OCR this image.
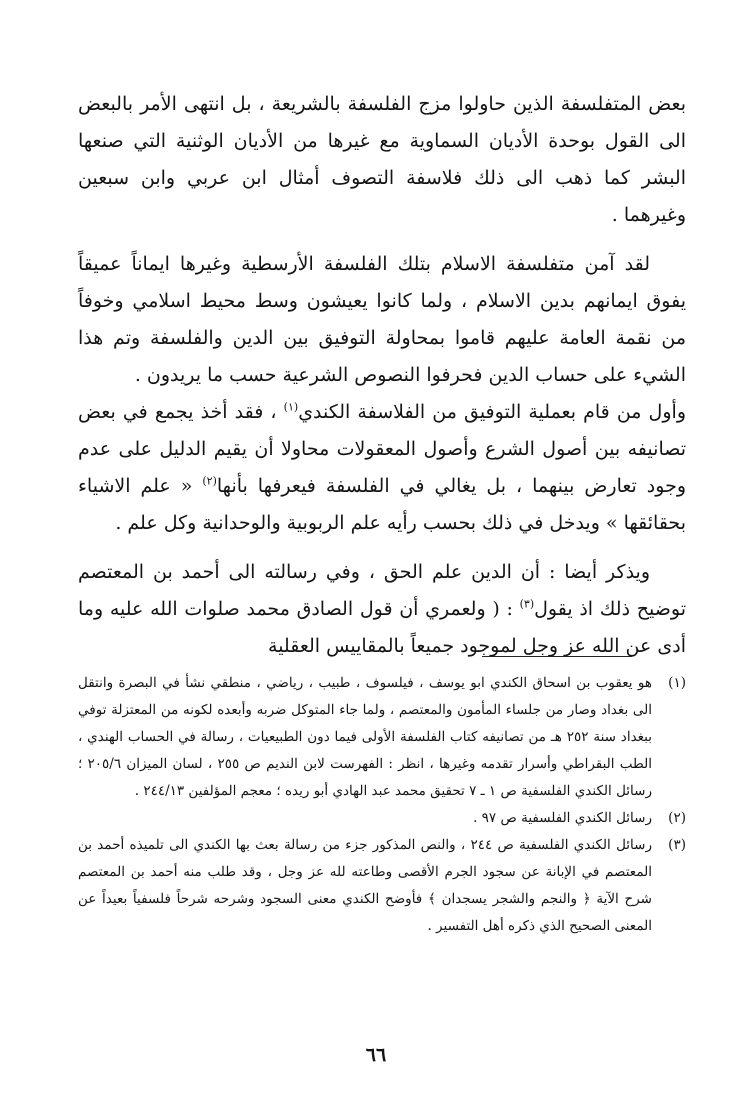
بعض المتفلسفة الذين حاولوا مزج الفلسفة بالشريعة ، بل انتهى الأمر بالبعض الى القول بوحدة الأديان السماوية مع غيرها من الأديان الوثنية التي صنعها البشر كما ذهب الى ذلك فلاسفة التصوف أمثال ابن عربي وابن سبعين وغيرهما .

لقد آمن متفلسفة الاسلام بتلك الفلسفة الأرسطية وغيرها ايماناً عميقاً يفوق ايمانهم بدين الاسلام ، ولما كانوا يعيشون وسط محيط اسلامي وخوفاً من نقمة العامة عليهم قاموا بمحاولة التوفيق بين الدين والفلسفة وتم هذا الشيء على حساب الدين فحرفوا النصوص الشرعية حسب ما يريدون .

وأول من قام بعملية التوفيق من الفلاسفة الكندي$^{(١)}$ ، فقد أخذ يجمع في بعض تصانيفه بين أصول الشرع وأصول المعقولات محاولا أن يقيم الدليل على عدم وجود تعارض بينهما ، بل يغالي في الفلسفة فيعرفها بأنها$^{(٢)}$ « علم الاشياء بحقائقها » ويدخل في ذلك بحسب رأيه علم الربوبية والوحدانية وكل علم .

ويذكر أيضا : أن الدين علم الحق ، وفي رسالته الى أحمد بن المعتصم توضيح ذلك اذ يقول$^{(٣)}$ : ( ولعمري أن قول الصادق محمد صلوات الله عليه وما أدى عن الله عز وجل لموجود جميعاً بالمقاييس العقلية

(١)
هو يعقوب بن اسحاق الكندي ابو يوسف ، فيلسوف ، طبيب ، رياضي ، منطقي نشأ في البصرة وانتقل الى بغداد وصار من جلساء المأمون والمعتصم ، ولما جاء المتوكل ضربه وأبعده لكونه من المعتزلة توفي ببغداد سنة ٢٥٢ هـ من تصانيفه كتاب الفلسفة الأولى فيما دون الطبيعيات ، رسالة في الحساب الهندي ، الطب البقراطي وأسرار تقدمه وغيرها ، انظر : الفهرست لابن النديم ص ٢٥٥ ، لسان الميزان ٢٠٥/٦ ؛ رسائل الكندي الفلسفية ص ١ ـ ٧ تحقيق محمد عبد الهادي أبو ريده ؛ معجم المؤلفين ٢٤٤/١٣ .
(٢)
رسائل الكندي الفلسفية ص ٩٧ .
(٣)
رسائل الكندي الفلسفية ص ٢٤٤ ، والنص المذكور جزء من رسالة بعث بها الكندي الى تلميذه أحمد بن المعتصم في الإبانة عن سجود الجرم الأقصى وطاعته لله عز وجل ، وقد طلب منه أحمد بن المعتصم شرح الآية ﴿ والنجم والشجر يسجدان ﴾ فأوضح الكندي معنى السجود وشرحه شرحاً فلسفياً بعيداً عن المعنى الصحيح الذي ذكره أهل التفسير .
٦٦
